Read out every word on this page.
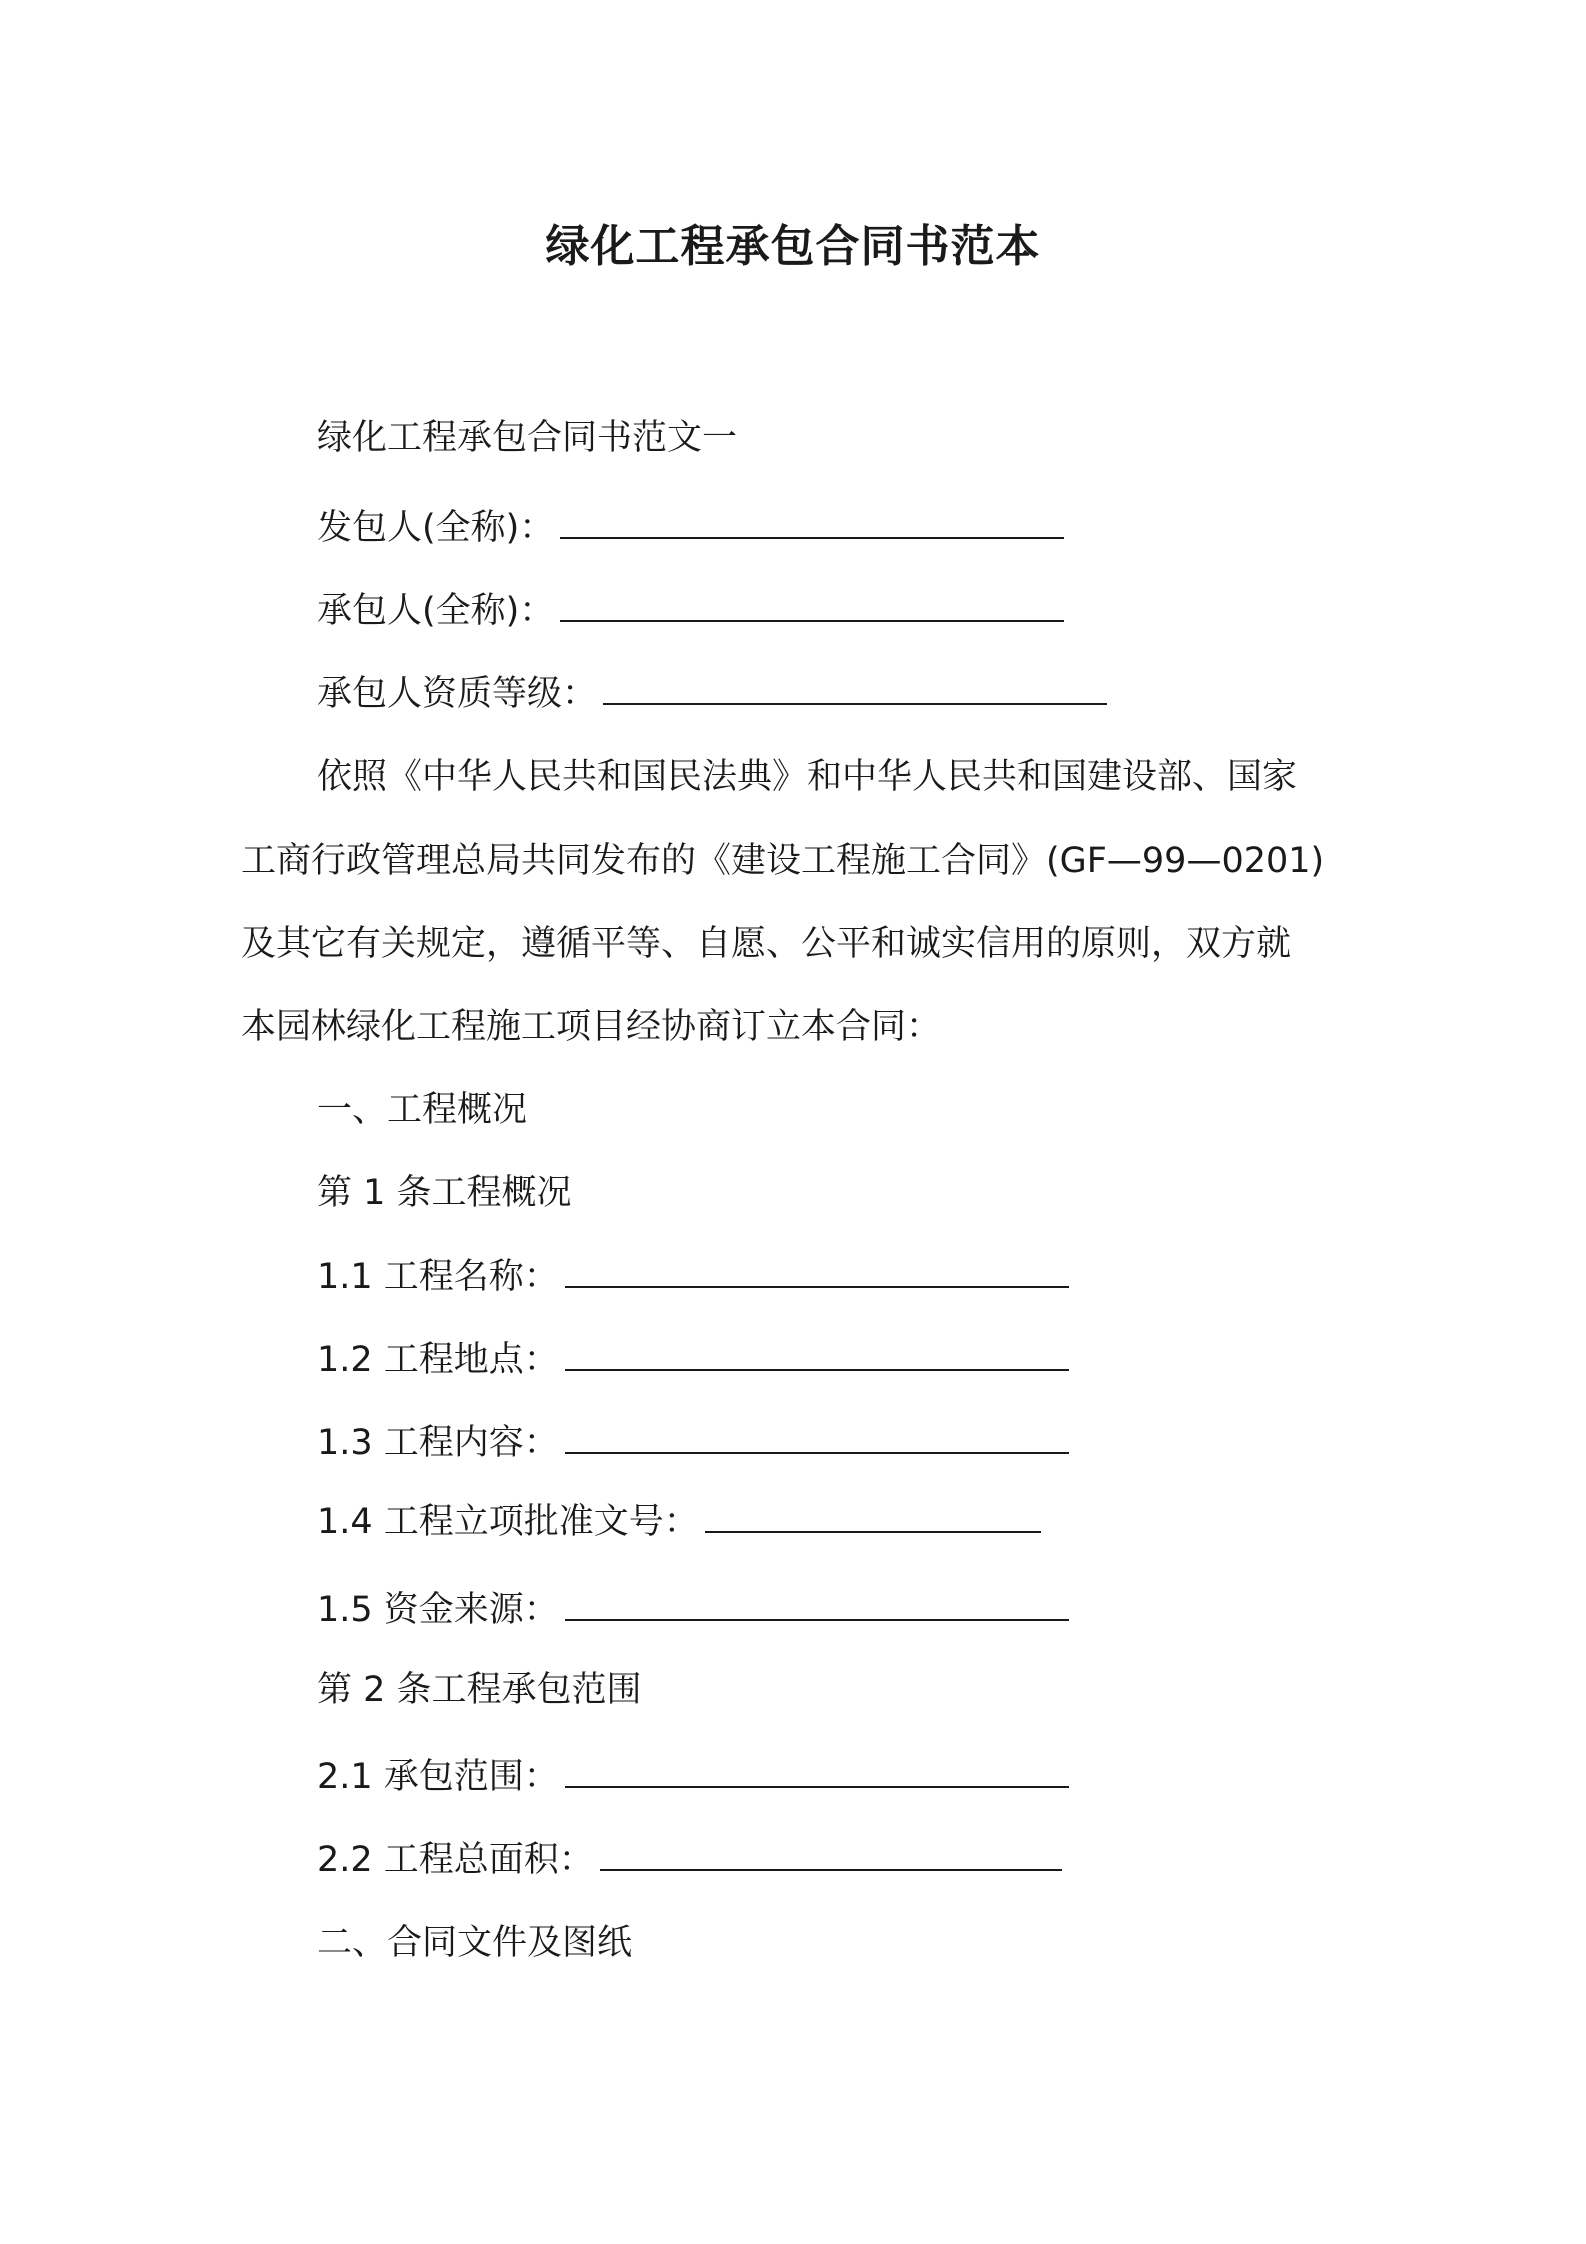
绿化工程承包合同书范本

绿化工程承包合同书范文一

发包人(全称)：

承包人(全称)：

承包人资质等级：

依照《中华人民共和国民法典》和中华人民共和国建设部、国家

工商行政管理总局共同发布的《建设工程施工合同》(GF—99—0201)

及其它有关规定，遵循平等、自愿、公平和诚实信用的原则，双方就

本园林绿化工程施工项目经协商订立本合同：

一、工程概况

第 1 条工程概况

1.1 工程名称：

1.2 工程地点：

1.3 工程内容：

1.4 工程立项批准文号：

1.5 资金来源：

第 2 条工程承包范围

2.1 承包范围：

2.2 工程总面积：

二、合同文件及图纸
